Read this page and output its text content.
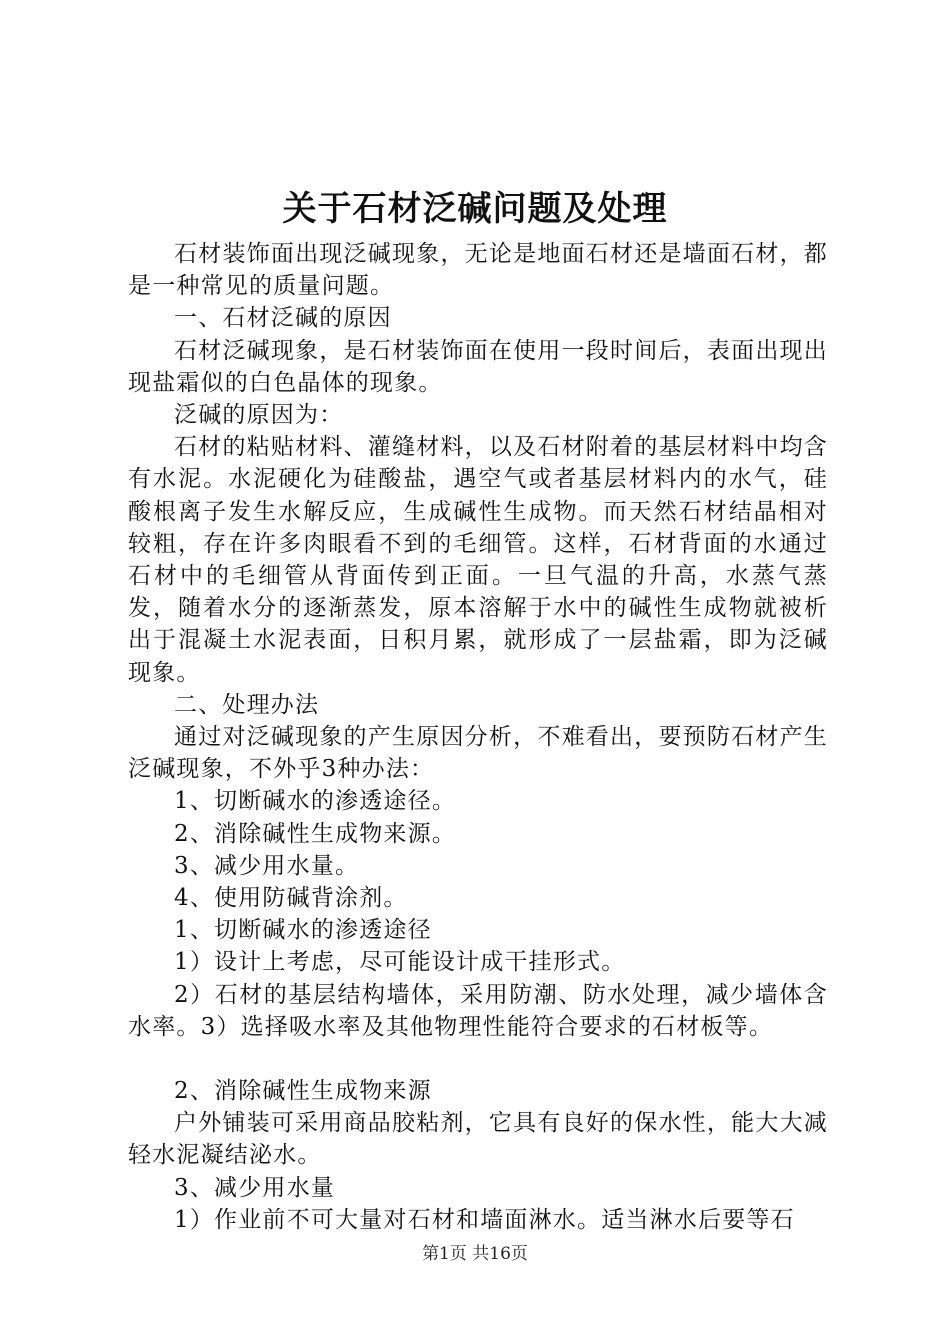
关于石材泛碱问题及处理

石材装饰面出现泛碱现象，无论是地面石材还是墙面石材，都是一种常见的质量问题。

一、石材泛碱的原因

石材泛碱现象，是石材装饰面在使用一段时间后，表面出现出现盐霜似的白色晶体的现象。

泛碱的原因为：

石材的粘贴材料、灌缝材料，以及石材附着的基层材料中均含有水泥。水泥硬化为硅酸盐，遇空气或者基层材料内的水气，硅酸根离子发生水解反应，生成碱性生成物。而天然石材结晶相对较粗，存在许多肉眼看不到的毛细管。这样，石材背面的水通过石材中的毛细管从背面传到正面。一旦气温的升高，水蒸气蒸发，随着水分的逐渐蒸发，原本溶解于水中的碱性生成物就被析出于混凝土水泥表面，日积月累，就形成了一层盐霜，即为泛碱现象。

二、处理办法

通过对泛碱现象的产生原因分析，不难看出，要预防石材产生泛碱现象，不外乎3种办法：

1、切断碱水的渗透途径。

2、消除碱性生成物来源。

3、减少用水量。

4、使用防碱背涂剂。

1、切断碱水的渗透途径

1）设计上考虑，尽可能设计成干挂形式。

2）石材的基层结构墙体，采用防潮、防水处理，减少墙体含水率。3）选择吸水率及其他物理性能符合要求的石材板等。

2、消除碱性生成物来源

户外铺装可采用商品胶粘剂，它具有良好的保水性，能大大减轻水泥凝结泌水。

3、减少用水量

1）作业前不可大量对石材和墙面淋水。适当淋水后要等石

第1页 共16页
